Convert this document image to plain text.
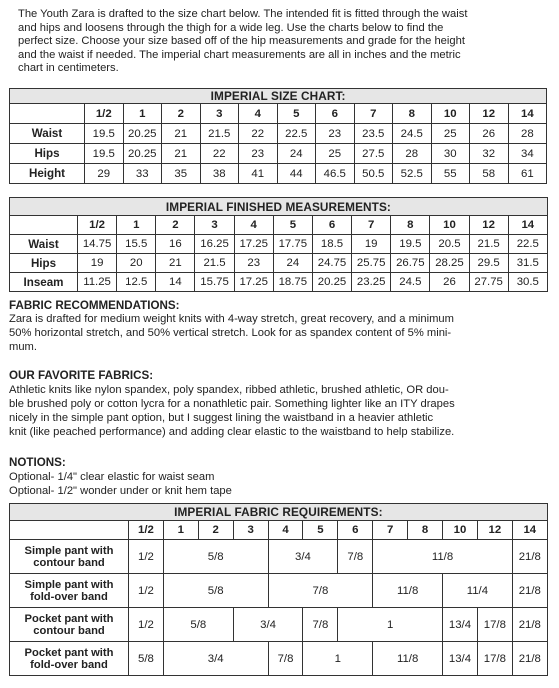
The Youth Zara is drafted to the size chart below. The intended fit is fitted through the waist

and hips and loosens through the thigh for a wide leg. Use the charts below to find the

perfect size. Choose your size based off of the hip measurements and grade for the height

and the waist if needed. The imperial chart measurements are all in inches and the metric

chart in centimeters.

IMPERIAL SIZE CHART:												
	1/2	1	2	3	4	5	6	7	8	10	12	14
Waist	19.5	20.25	21	21.5	22	22.5	23	23.5	24.5	25	26	28
Hips	19.5	20.25	21	22	23	24	25	27.5	28	30	32	34
Height	29	33	35	38	41	44	46.5	50.5	52.5	55	58	61
IMPERIAL FINISHED MEASUREMENTS:												
	1/2	1	2	3	4	5	6	7	8	10	12	14
Waist	14.75	15.5	16	16.25	17.25	17.75	18.5	19	19.5	20.5	21.5	22.5
Hips	19	20	21	21.5	23	24	24.75	25.75	26.75	28.25	29.5	31.5
Inseam	11.25	12.5	14	15.75	17.25	18.75	20.25	23.25	24.5	26	27.75	30.5

FABRIC RECOMMENDATIONS:

Zara is drafted for medium weight knits with 4-way stretch, great recovery, and a minimum

50% horizontal stretch, and 50% vertical stretch. Look for as spandex content of 5% mini-

mum.

OUR FAVORITE FABRICS:

Athletic knits like nylon spandex, poly spandex, ribbed athletic, brushed athletic, OR dou-

ble brushed poly or cotton lycra for a nonathletic pair. Something lighter like an ITY drapes

nicely in the simple pant option, but I suggest lining the waistband in a heavier athletic

knit (like peached performance) and adding clear elastic to the waistband to help stabilize.

NOTIONS:

Optional- 1/4" clear elastic for waist seam

Optional- 1/2" wonder under or knit hem tape

IMPERIAL FABRIC REQUIREMENTS:												
	1/2	1	2	3	4	5	6	7	8	10	12	14

Simple pant with
contour band	1/2	5/8			3/4		7/8	11/8				21/8

Simple pant with
fold-over band	1/2	5/8			7/8			11/8		11/4		21/8

Pocket pant with
contour band	1/2	5/8		3/4		7/8	1			13/4	17/8	21/8

Pocket pant with
fold-over band	5/8	3/4			7/8	1		11/8		13/4	17/8	21/8
